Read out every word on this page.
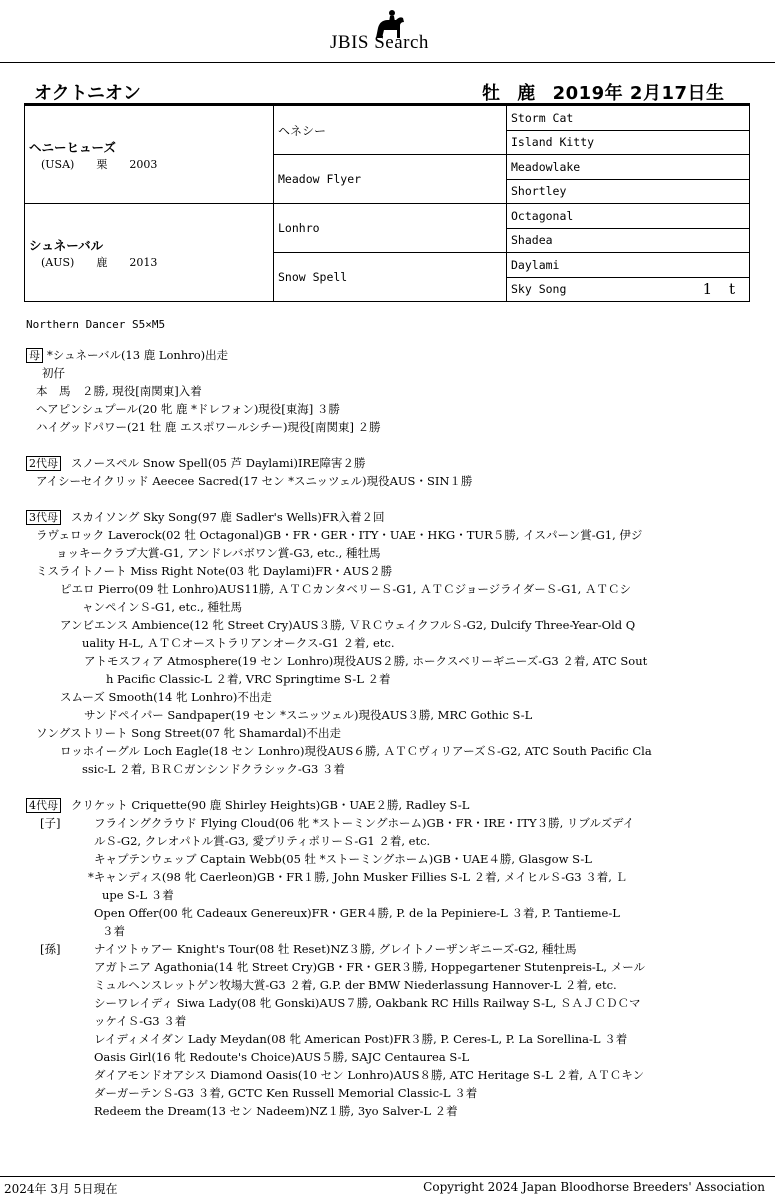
JBIS Search
オクトニオン	牡 鹿 2019年 2月17日生
ヘニーヒューズ
(USA)　　栗　　2003	ヘネシー	Storm Cat
		Island Kitty
	Meadow Flyer	Meadowlake
		Shortley

シュネーバル
(AUS)　　鹿　　2013	Lonhro	Octagonal
		Shadea
	Snow Spell	Daylami
		Sky Song 1 t
Northern Dancer S5×M5
母 *シュネーバル(13 鹿 Lonhro)出走
初仔
本　馬　２勝, 現役[南関東]入着
ヘアピンシュプール(20 牝 鹿 *ドレフォン)現役[東海] ３勝
ハイグッドパワー(21 牡 鹿 エスポワールシチー)現役[南関東] ２勝
2代母 スノースペル Snow Spell(05 芦 Daylami)IRE障害２勝
アイシーセイクリッド Aeecee Sacred(17 セン *スニッツェル)現役AUS・SIN１勝
3代母 スカイソング Sky Song(97 鹿 Sadler's Wells)FR入着２回
ラヴェロック Laverock(02 牡 Octagonal)GB・FR・GER・ITY・UAE・HKG・TUR５勝, イスパーン賞-G1, 伊ジ
ョッキークラブ大賞-G1, アンドレバボワン賞-G3, etc., 種牡馬
ミスライトノート Miss Right Note(03 牝 Daylami)FR・AUS２勝
ピエロ Pierro(09 牡 Lonhro)AUS11勝, ＡＴＣカンタベリーＳ-G1, ＡＴＣジョージライダーＳ-G1, ＡＴＣシ
ャンペインＳ-G1, etc., 種牡馬
アンビエンス Ambience(12 牝 Street Cry)AUS３勝, ＶＲＣウェイクフルＳ-G2, Dulcify Three-Year-Old Q
uality H-L, ＡＴＣオーストラリアンオークス-G1 ２着, etc.
アトモスフィア Atmosphere(19 セン Lonhro)現役AUS２勝, ホークスベリーギニーズ-G3 ２着, ATC Sout
h Pacific Classic-L ２着, VRC Springtime S-L ２着
スムーズ Smooth(14 牝 Lonhro)不出走
サンドペイパー Sandpaper(19 セン *スニッツェル)現役AUS３勝, MRC Gothic S-L
ソングストリート Song Street(07 牝 Shamardal)不出走
ロッホイーグル Loch Eagle(18 セン Lonhro)現役AUS６勝, ＡＴＣヴィリアーズＳ-G2, ATC South Pacific Cla
ssic-L ２着, ＢＲＣガンシンドクラシック-G3 ３着
4代母 クリケット Criquette(90 鹿 Shirley Heights)GB・UAE２勝, Radley S-L
[子]	フライングクラウド Flying Cloud(06 牝 *ストーミングホーム)GB・FR・IRE・ITY３勝, リブルズデイ
ルＳ-G2, クレオパトル賞-G3, 愛プリティポリーＳ-G1 ２着, etc.
キャプテンウェッブ Captain Webb(05 牡 *ストーミングホーム)GB・UAE４勝, Glasgow S-L
*キャンディス(98 牝 Caerleon)GB・FR１勝, John Musker Fillies S-L ２着, メイヒルＳ-G3 ３着, Ｌ
upe S-L ３着
Open Offer(00 牝 Cadeaux Genereux)FR・GER４勝, P. de la Pepiniere-L ３着, P. Tantieme-L
３着
[孫]	ナイツトゥアー Knight's Tour(08 牡 Reset)NZ３勝, グレイトノーザンギニーズ-G2, 種牡馬
アガトニア Agathonia(14 牝 Street Cry)GB・FR・GER３勝, Hoppegartener Stutenpreis-L, メール
ミュルヘンスレットゲン牧場大賞-G3 ２着, G.P. der BMW Niederlassung Hannover-L ２着, etc.
シーワレイディ Siwa Lady(08 牝 Gonski)AUS７勝, Oakbank RC Hills Railway S-L, ＳＡＪＣＤＣマ
ッケイＳ-G3 ３着
レイディメイダン Lady Meydan(08 牝 American Post)FR３勝, P. Ceres-L, P. La Sorellina-L ３着
Oasis Girl(16 牝 Redoute's Choice)AUS５勝, SAJC Centaurea S-L
ダイアモンドオアシス Diamond Oasis(10 セン Lonhro)AUS８勝, ATC Heritage S-L ２着, ＡＴＣキン
ダーガーテンＳ-G3 ３着, GCTC Ken Russell Memorial Classic-L ３着
Redeem the Dream(13 セン Nadeem)NZ１勝, 3yo Salver-L ２着
2024年 3月 5日現在	Copyright 2024 Japan Bloodhorse Breeders' Association
